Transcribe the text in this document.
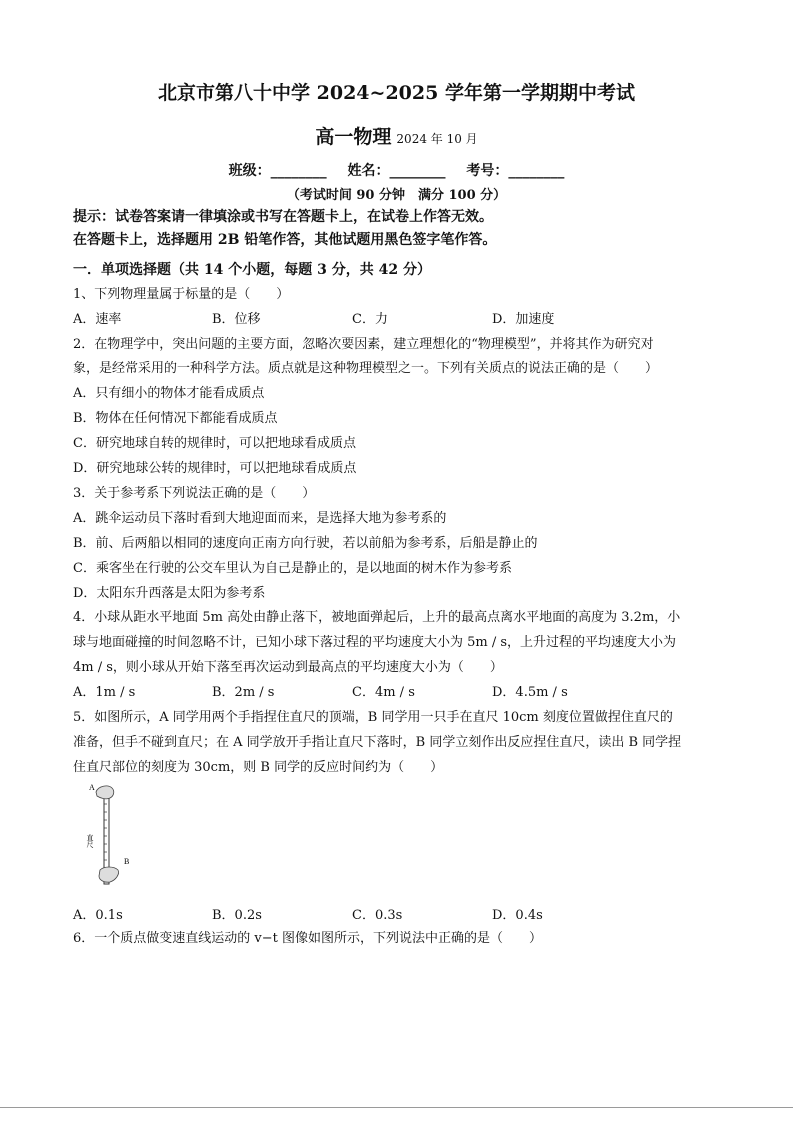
北京市第八十中学 2024~2025 学年第一学期期中考试
高一物理 2024 年 10 月
班级：________ 姓名：________ 考号：________
（考试时间 90 分钟　满分 100 分）
提示：试卷答案请一律填涂或书写在答题卡上，在试卷上作答无效。
在答题卡上，选择题用 2B 铅笔作答，其他试题用黑色签字笔作答。
一．单项选择题（共 14 个小题，每题 3 分，共 42 分）
1、下列物理量属于标量的是（　　）
A．速率	B．位移	C．力	D．加速度
2．在物理学中，突出问题的主要方面，忽略次要因素，建立理想化的“物理模型”，并将其作为研究对
象，是经常采用的一种科学方法。质点就是这种物理模型之一。下列有关质点的说法正确的是（　　）
A．只有细小的物体才能看成质点
B．物体在任何情况下都能看成质点
C．研究地球自转的规律时，可以把地球看成质点
D．研究地球公转的规律时，可以把地球看成质点
3．关于参考系下列说法正确的是（　　）
A．跳伞运动员下落时看到大地迎面而来，是选择大地为参考系的
B．前、后两船以相同的速度向正南方向行驶，若以前船为参考系，后船是静止的
C．乘客坐在行驶的公交车里认为自己是静止的，是以地面的树木作为参考系
D．太阳东升西落是太阳为参考系
4．小球从距水平地面 5m 高处由静止落下，被地面弹起后，上升的最高点离水平地面的高度为 3.2m，小
球与地面碰撞的时间忽略不计，已知小球下落过程的平均速度大小为 5m / s，上升过程的平均速度大小为
4m / s，则小球从开始下落至再次运动到最高点的平均速度大小为（　　）
A．1m / s	B．2m / s	C．4m / s	D．4.5m / s
5．如图所示，A 同学用两个手指捏住直尺的顶端，B 同学用一只手在直尺 10cm 刻度位置做捏住直尺的
准备，但手不碰到直尺；在 A 同学放开手指让直尺下落时，B 同学立刻作出反应捏住直尺，读出 B 同学捏
住直尺部位的刻度为 30cm，则 B 同学的反应时间约为（　　）
A
B
直尺
A．0.1s	B．0.2s	C．0.3s	D．0.4s
6．一个质点做变速直线运动的 v−t 图像如图所示，下列说法中正确的是（　　）
